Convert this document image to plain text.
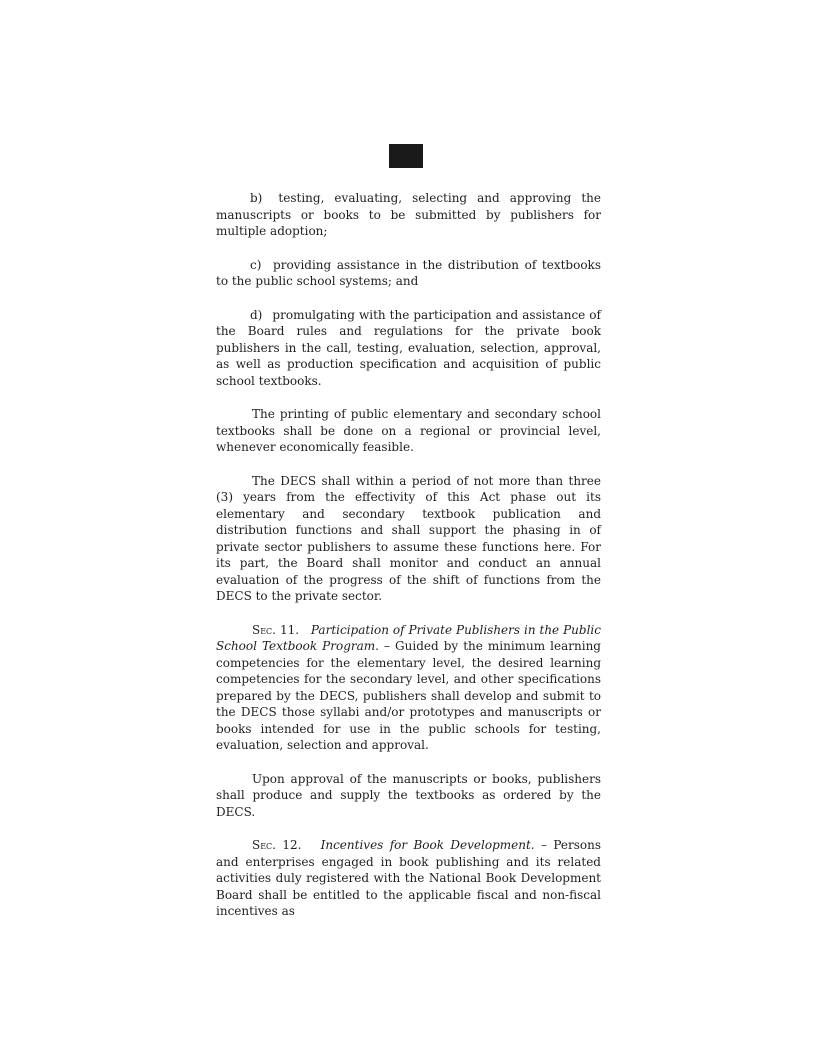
b) testing, evaluating, selecting and approving the manuscripts or books to be submitted by publishers for multiple adoption;

c) providing assistance in the distribution of textbooks to the public school systems; and

d) promulgating with the participation and assistance of the Board rules and regulations for the private book publishers in the call, testing, evaluation, selection, approval, as well as production specification and acquisition of public school textbooks.

The printing of public elementary and secondary school textbooks shall be done on a regional or provincial level, whenever economically feasible.

The DECS shall within a period of not more than three (3) years from the effectivity of this Act phase out its elementary and secondary textbook publication and distribution functions and shall support the phasing in of private sector publishers to assume these functions here. For its part, the Board shall monitor and conduct an annual evaluation of the progress of the shift of functions from the DECS to the private sector.

Sec. 11. Participation of Private Publishers in the Public School Textbook Program. – Guided by the minimum learning competencies for the elementary level, the desired learning competencies for the secondary level, and other specifications prepared by the DECS, publishers shall develop and submit to the DECS those syllabi and/or prototypes and manuscripts or books intended for use in the public schools for testing, evaluation, selection and approval.

Upon approval of the manuscripts or books, publishers shall produce and supply the textbooks as ordered by the DECS.

Sec. 12. Incentives for Book Development. – Persons and enterprises engaged in book publishing and its related activities duly registered with the National Book Development Board shall be entitled to the applicable fiscal and non-fiscal incentives as
